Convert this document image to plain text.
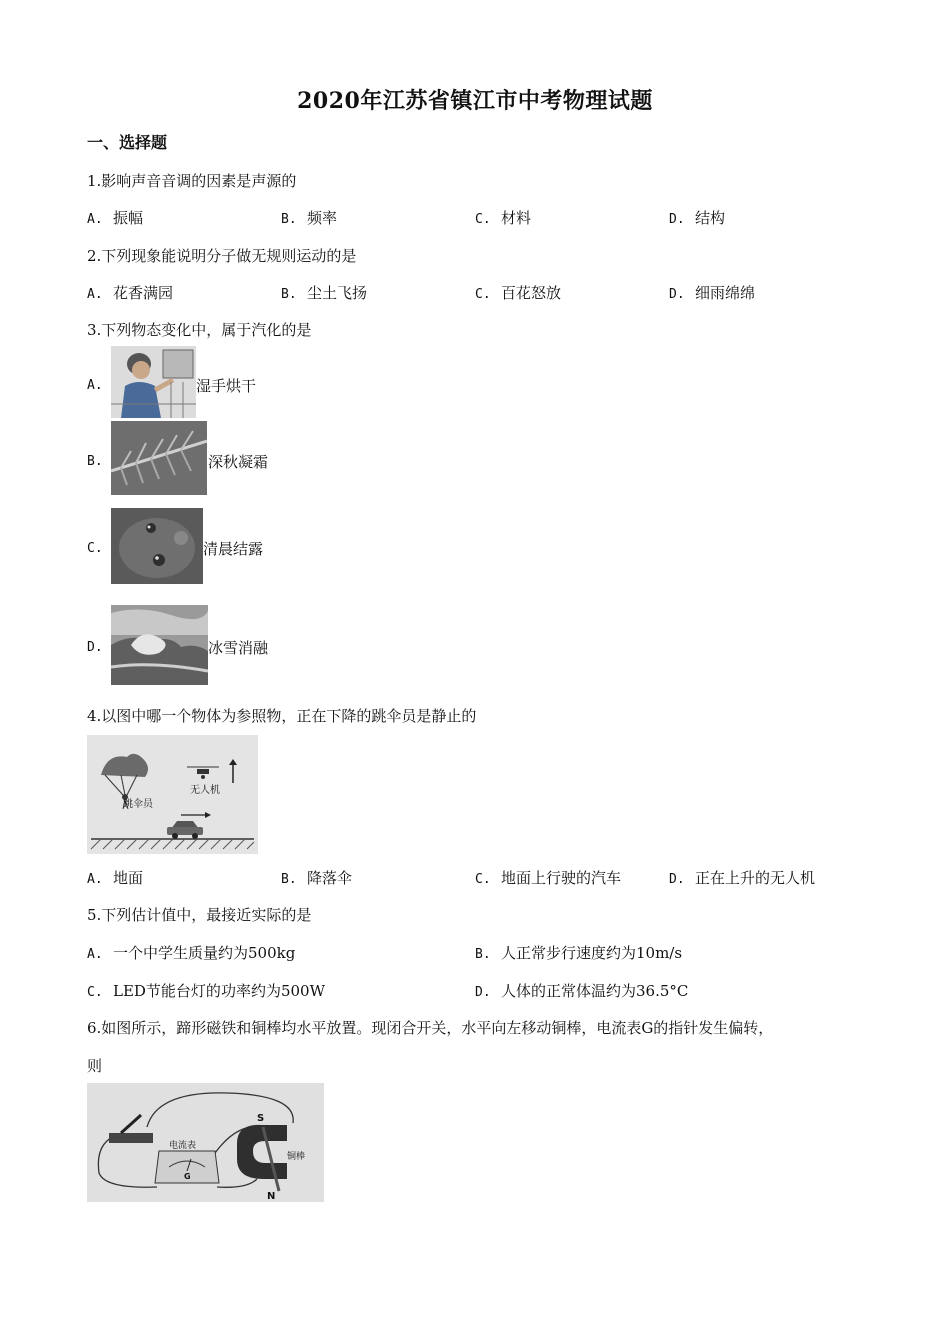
2020年江苏省镇江市中考物理试题
一、选择题
1.影响声音音调的因素是声源的
A. 振幅	B. 频率	C. 材料	D. 结构
2.下列现象能说明分子做无规则运动的是
A. 花香满园	B. 尘土飞扬	C. 百花怒放	D. 细雨绵绵
3.下列物态变化中，属于汽化的是
A.	湿手烘干
B.	深秋凝霜
C.	清晨结露
D.	冰雪消融
4.以图中哪一个物体为参照物，正在下降的跳伞员是静止的
跳伞员
无人机
A. 地面	B. 降落伞	C. 地面上行驶的汽车	D. 正在上升的无人机
5.下列估计值中，最接近实际的是
A. 一个中学生质量约为500kg	B. 人正常步行速度约为10m/s
C. LED节能台灯的功率约为500W	D. 人体的正常体温约为36.5°C
6.如图所示，蹄形磁铁和铜棒均水平放置。现闭合开关，水平向左移动铜棒，电流表G的指针发生偏转，
则
电流表
G
S
N
铜棒
